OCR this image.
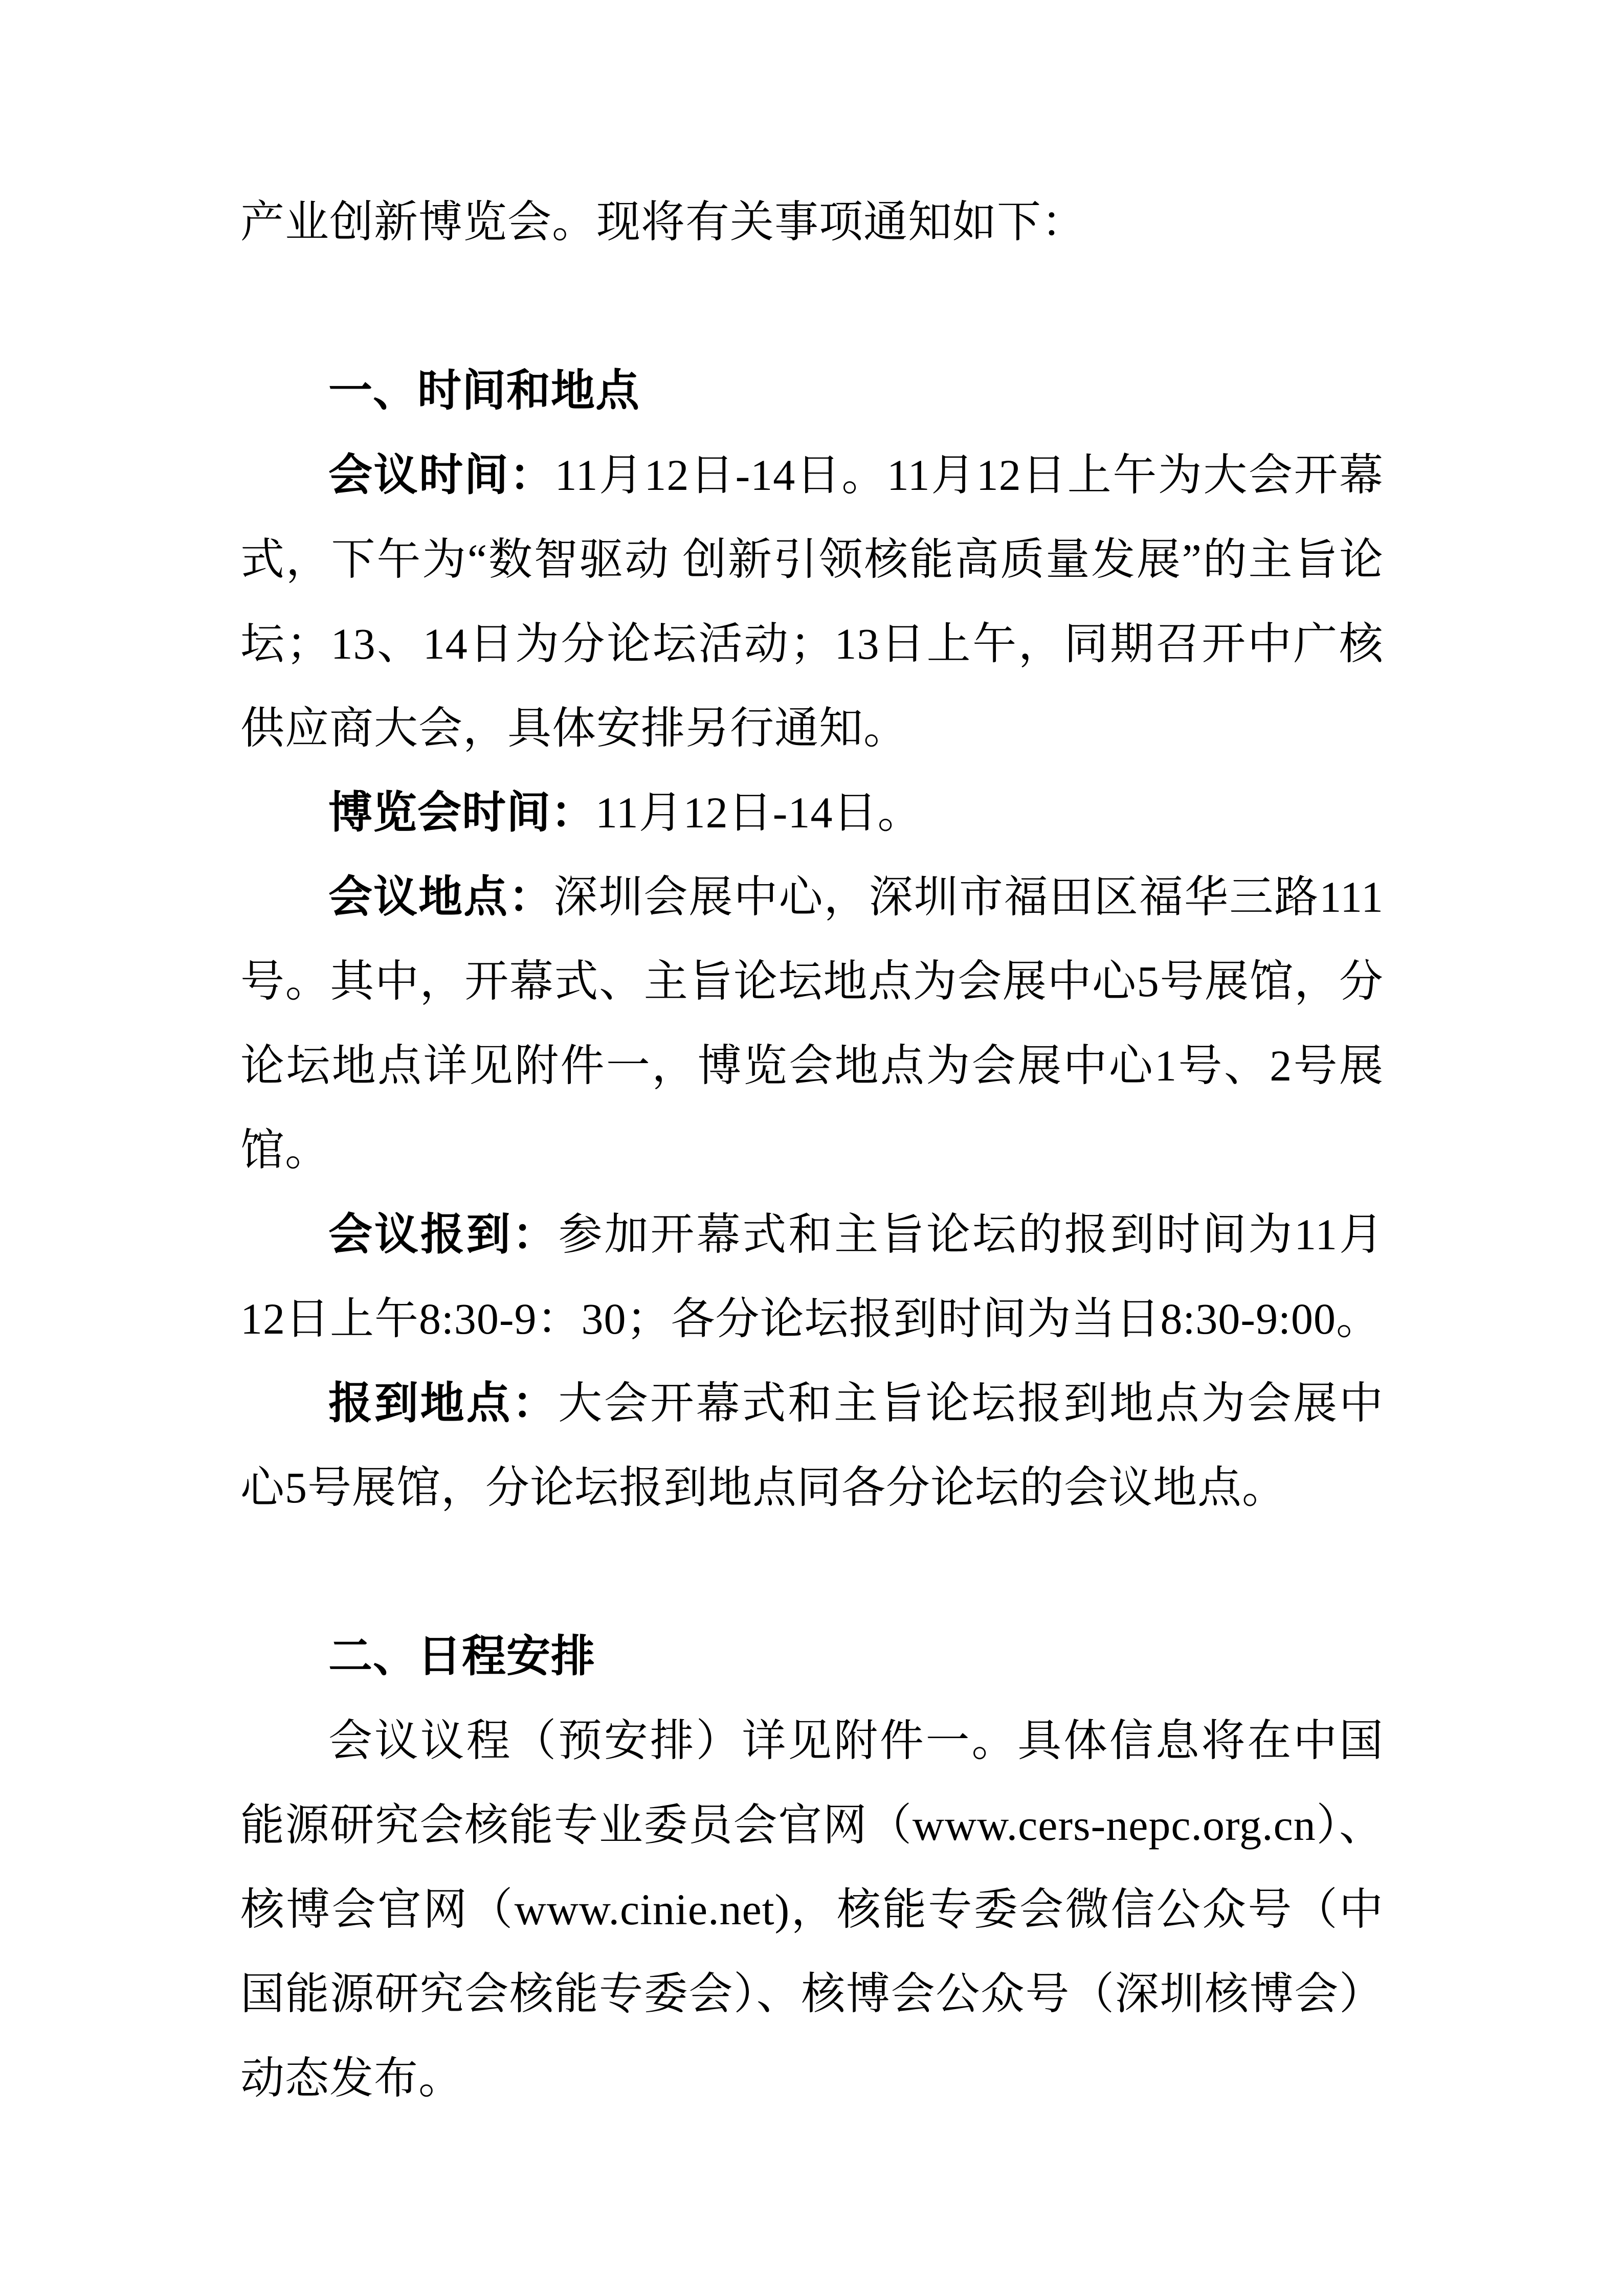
产业创新博览会。现将有关事项通知如下：

一、时间和地点

会议时间：11月12日-14日。11月12日上午为大会开幕式，下午为“数智驱动 创新引领核能高质量发展”的主旨论坛；13、14日为分论坛活动；13日上午，同期召开中广核供应商大会，具体安排另行通知。

博览会时间：11月12日-14日。

会议地点：深圳会展中心，深圳市福田区福华三路111号。其中，开幕式、主旨论坛地点为会展中心5号展馆，分论坛地点详见附件一，博览会地点为会展中心1号、2号展馆。

会议报到：参加开幕式和主旨论坛的报到时间为11月12日上午8:30-9：30；各分论坛报到时间为当日8:30-9:00。

报到地点：大会开幕式和主旨论坛报到地点为会展中心5号展馆，分论坛报到地点同各分论坛的会议地点。

二、日程安排

会议议程（预安排）详见附件一。具体信息将在中国能源研究会核能专业委员会官网（www.cers-nepc.org.cn）、核博会官网（www.cinie.net)，核能专委会微信公众号（中国能源研究会核能专委会）、核博会公众号（深圳核博会）动态发布。
